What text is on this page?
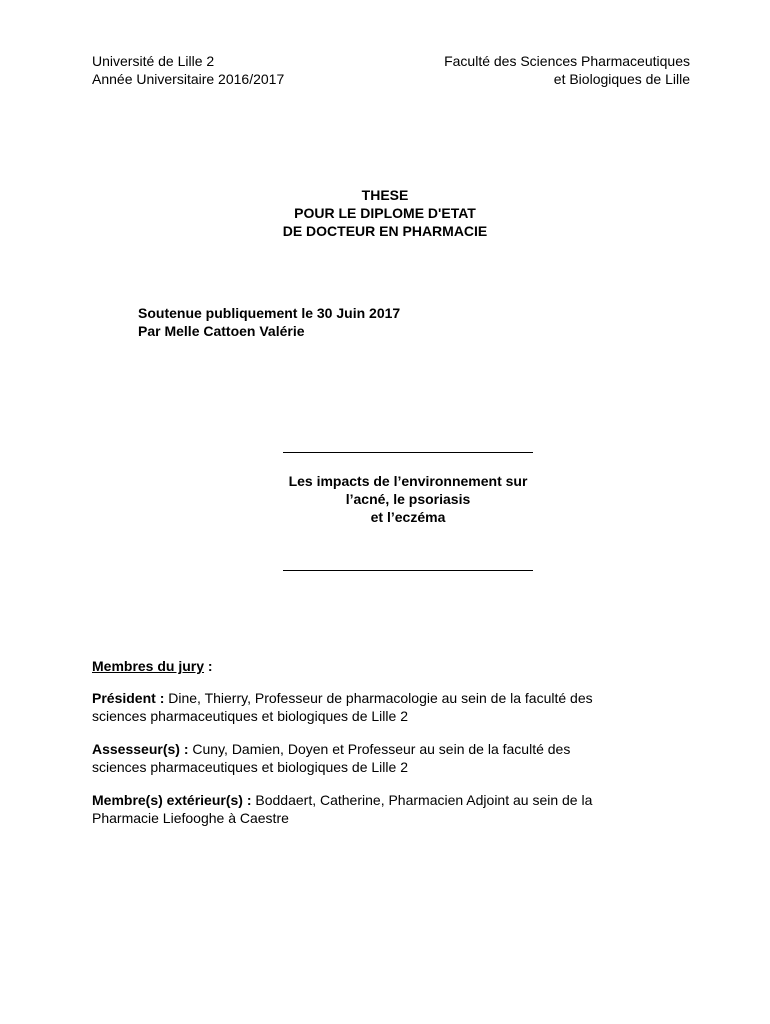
Université de Lille 2
Année Universitaire 2016/2017
Faculté des Sciences Pharmaceutiques
et Biologiques de Lille
THESE
POUR LE DIPLOME D'ETAT
DE DOCTEUR EN PHARMACIE
Soutenue publiquement le 30 Juin 2017
Par Melle Cattoen Valérie
Les impacts de l’environnement sur
l’acné, le psoriasis
et l’eczéma
Membres du jury :
Président : Dine, Thierry, Professeur de pharmacologie au sein de la faculté des
sciences pharmaceutiques et biologiques de Lille 2
Assesseur(s) : Cuny, Damien, Doyen et Professeur au sein de la faculté des
sciences pharmaceutiques et biologiques de Lille 2
Membre(s) extérieur(s) : Boddaert, Catherine, Pharmacien Adjoint au sein de la
Pharmacie Liefooghe à Caestre
